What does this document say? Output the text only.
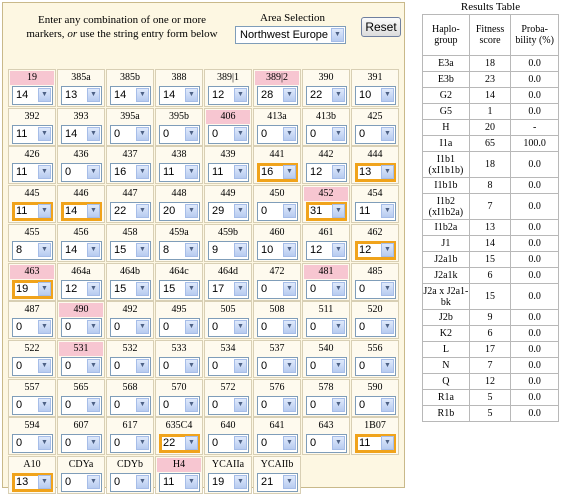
Enter any combination of one or more
markers, or use the string entry form below
Area Selection
Northwest Europe ▼
Reset
19
14	▼
385a
13	▼
385b
14	▼
388
14	▼
389|1
12	▼
389|2
28	▼
390
22	▼
391
10	▼
392
11	▼
393
14	▼
395a
0	▼
395b
0	▼
406
0	▼
413a
0	▼
413b
0	▼
425
0	▼
426
11	▼
436
0	▼
437
16	▼
438
11	▼
439
11	▼
441
16	▼
442
12	▼
444
13	▼
445
11	▼
446
14	▼
447
22	▼
448
20	▼
449
29	▼
450
0	▼
452
31	▼
454
11	▼
455
8	▼
456
14	▼
458
15	▼
459a
8	▼
459b
9	▼
460
10	▼
461
12	▼
462
12	▼
463
19	▼
464a
12	▼
464b
15	▼
464c
15	▼
464d
17	▼
472
0	▼
481
0	▼
485
0	▼
487
0	▼
490
0	▼
492
0	▼
495
0	▼
505
0	▼
508
0	▼
511
0	▼
520
0	▼
522
0	▼
531
0	▼
532
0	▼
533
0	▼
534
0	▼
537
0	▼
540
0	▼
556
0	▼
557
0	▼
565
0	▼
568
0	▼
570
0	▼
572
0	▼
576
0	▼
578
0	▼
590
0	▼
594
0	▼
607
0	▼
617
0	▼
635C4
22	▼
640
0	▼
641
0	▼
643
0	▼
1B07
11	▼
A10
13	▼
CDYa
0	▼
CDYb
0	▼
H4
11	▼
YCAIIa
19	▼
YCAIIb
21	▼
Results Table
Haplo-group	Fitness score	Proba-bility (%)
E3a	18	0.0
E3b	23	0.0
G2	14	0.0
G5	1	0.0
H	20	-
I1a	65	100.0
I1b1 (xI1b1b)	18	0.0
I1b1b	8	0.0
I1b2 (xI1b2a)	7	0.0
I1b2a	13	0.0
J1	14	0.0
J2a1b	15	0.0
J2a1k	6	0.0
J2a x J2a1-bk	15	0.0
J2b	9	0.0
K2	6	0.0
L	17	0.0
N	7	0.0
Q	12	0.0
R1a	5	0.0
R1b	5	0.0
